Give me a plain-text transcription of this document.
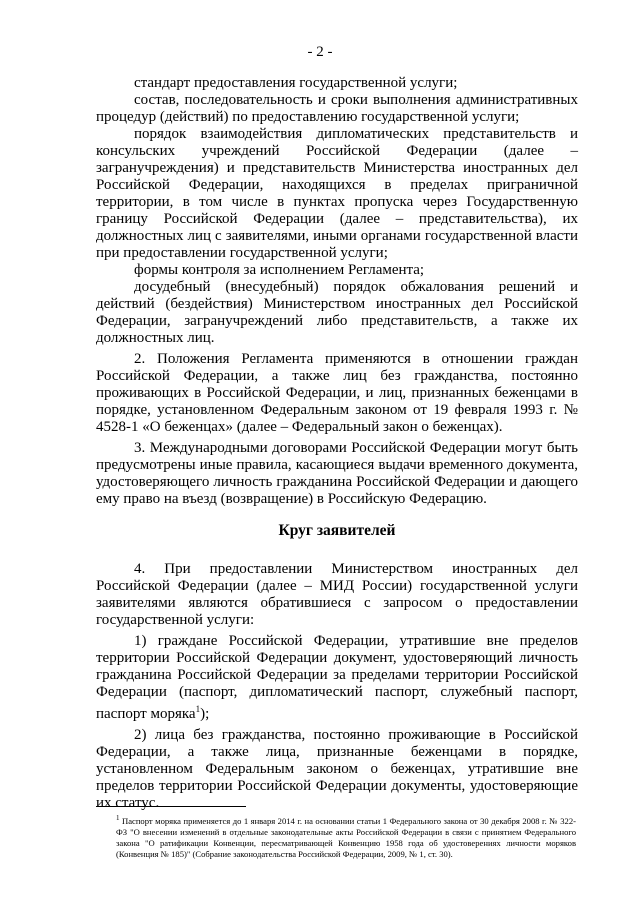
- 2 -

стандарт предоставления государственной услуги;

состав, последовательность и сроки выполнения административных процедур (действий) по предоставлению государственной услуги;

порядок взаимодействия дипломатических представительств и консульских учреждений Российской Федерации (далее – загранучреждения) и представительств Министерства иностранных дел Российской Федерации, находящихся в пределах приграничной территории, в том числе в пунктах пропуска через Государственную границу Российской Федерации (далее – представительства), их должностных лиц с заявителями, иными органами государственной власти при предоставлении государственной услуги;

формы контроля за исполнением Регламента;

досудебный (внесудебный) порядок обжалования решений и действий (бездействия) Министерством иностранных дел Российской Федерации, загранучреждений либо представительств, а также их должностных лиц.

2. Положения Регламента применяются в отношении граждан Российской Федерации, а также лиц без гражданства, постоянно проживающих в Российской Федерации, и лиц, признанных беженцами в порядке, установленном Федеральным законом от 19 февраля 1993 г. № 4528-1 «О беженцах» (далее – Федеральный закон о беженцах).

3. Международными договорами Российской Федерации могут быть предусмотрены иные правила, касающиеся выдачи временного документа, удостоверяющего личность гражданина Российской Федерации и дающего ему право на въезд (возвращение) в Российскую Федерацию.

Круг заявителей

4. При предоставлении Министерством иностранных дел Российской Федерации (далее – МИД России) государственной услуги заявителями являются обратившиеся с запросом о предоставлении государственной услуги:

1) граждане Российской Федерации, утратившие вне пределов территории Российской Федерации документ, удостоверяющий личность гражданина Российской Федерации за пределами территории Российской Федерации (паспорт, дипломатический паспорт, служебный паспорт, паспорт моряка$^1$);

2) лица без гражданства, постоянно проживающие в Российской Федерации, а также лица, признанные беженцами в порядке, установленном Федеральным законом о беженцах, утратившие вне пределов территории Российской Федерации документы, удостоверяющие их статус.

$^1$ Паспорт моряка применяется до 1 января 2014 г. на основании статьи 1 Федерального закона от 30 декабря 2008 г. № 322-ФЗ "О внесении изменений в отдельные законодательные акты Российской Федерации в связи с принятием Федерального закона "О ратификации Конвенции, пересматривающей Конвенцию 1958 года об удостоверениях личности моряков (Конвенция № 185)" (Собрание законодательства Российской Федерации, 2009, № 1, ст. 30).
